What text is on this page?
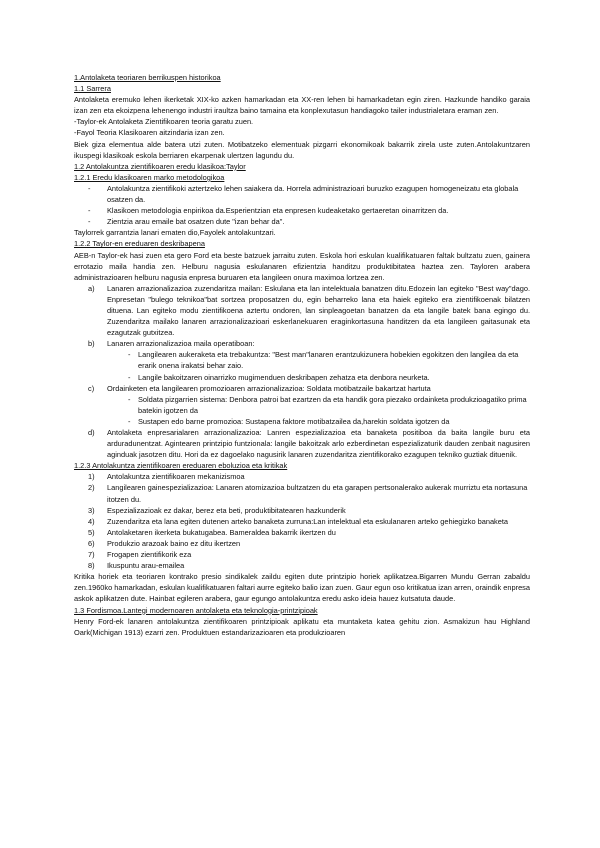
1.Antolaketa teoriaren berrikuspen historikoa
1.1 Sarrera

Antolaketa eremuko lehen ikerketak XIX-ko azken hamarkadan eta XX-ren lehen bi hamarkadetan egin ziren. Hazkunde handiko garaia izan zen eta ekoizpena lehenengo industri iraultza baino tamaina eta konplexutasun handiagoko tailer industrialetara eraman zen.

-Taylor-ek Antolaketa Zientifikoaren teoria garatu zuen.

-Fayol Teoria Klasikoaren aitzindaria izan zen.

Biek giza elementua alde batera utzi zuten. Motibatzeko elementuak pizgarri ekonomikoak bakarrik zirela uste zuten.Antolakuntzaren ikuspegi klasikoak eskola berriaren ekarpenak ulertzen lagundu du.

1.2 Antolakuntza zientifikoaren eredu klasikoa:Taylor
1.2.1 Eredu klasikoaren marko metodologikoa
- Antolakuntza zientifikoki aztertzeko lehen saiakera da. Horrela administrazioari buruzko ezagupen homogeneizatu eta globala osatzen da.
- Klasikoen metodologia enpirikoa da.Esperientzian eta enpresen kudeaketako gertaeretan oinarritzen da.
- Zientzia arau emaile bat osatzen dute "izan behar da".

Taylorrek garrantzia lanari ematen dio,Fayolek antolakuntzari.

1.2.2 Taylor-en ereduaren deskribapena

AEB-n Taylor-ek hasi zuen eta gero Ford eta beste batzuek jarraitu zuten. Eskola hori eskulan kualifikatuaren faltak bultzatu zuen, gainera errotazio maila handia zen. Helburu nagusia eskulanaren efizientzia handitzu produktibitatea haztea zen. Tayloren arabera administrazioaren helburu nagusia enpresa buruaren eta langileen onura maximoa lortzea zen.

a) Lanaren arrazionalizazioa zuzendaritza mailan: Eskulana eta lan intelektuala banatzen ditu.Edozein lan egiteko "Best way"dago. Enpresetan "bulego teknikoa"bat sortzea proposatzen du, egin beharreko lana eta haiek egiteko era zientifikoenak bilatzen dituena. Lan egiteko modu zientifikoena aztertu ondoren, lan sinpleagoetan banatzen da eta langile batek bana egingo du. Zuzendaritza mailako lanaren arrazionalizazioari eskerlanekuaren eraginkortasuna handitzen da eta langileen gaitasunak eta ezagutzak gutxitzea.
b) Lanaren arrazionalizazioa maila operatiboan:
- Langilearen aukeraketa eta trebakuntza: "Best man"lanaren erantzukizunera hobekien egokitzen den langilea da eta erarik onena irakatsi behar zaio.
- Langile bakoitzaren oinarrizko mugimenduen deskribapen zehatza eta denbora neurketa.
c) Ordainketen eta langilearen promozioaren arrazionalizazioa: Soldata motibatzaile bakartzat hartuta
- Soldata pizgarrien sistema: Denbora patroi bat ezartzen da eta handik gora piezako ordainketa produkzioagatiko prima batekin igotzen da
- Sustapen edo barne promozioa: Sustapena faktore motibatzailea da,harekin soldata igotzen da
d) Antolaketa enpresarialaren arrazionalizazioa: Lanren espezializazioa eta banaketa positiboa da baita langile buru eta arduradunentzat. Agintearen printzipio funtzionala: langile bakoitzak arlo ezberdinetan espezializaturik dauden zenbait nagusiren aginduak jasotzen ditu. Hori da ez dagoelako nagusirik lanaren zuzendaritza zientifikorako ezagupen tekniko guztiak dituenik.
1.2.3 Antolakuntza zientifikoaren ereduaren eboluzioa eta kritikak
1) Antolakuntza zientifikoaren mekanizismoa
2) Langilearen gainespezializazioa: Lanaren atomizazioa bultzatzen du eta garapen pertsonalerako aukerak murriztu eta nortasuna itotzen du.
3) Espezializazioak ez dakar, berez eta beti, produktibitatearen hazkunderik
4) Zuzendaritza eta lana egiten dutenen arteko banaketa zurruna:Lan intelektual eta eskulanaren arteko gehiegizko banaketa
5) Antolaketaren ikerketa bukatugabea. Bameraldea bakarrik ikertzen du
6) Produkzio arazoak baino ez ditu ikertzen
7) Frogapen zientifikorik eza
8) Ikuspuntu arau-emailea

Kritika horiek eta teoriaren kontrako presio sindikalek zaildu egiten dute printzipio horiek aplikatzea.Bigarren Mundu Gerran zabaldu zen.1960ko hamarkadan, eskulan kualifikatuaren faltari aurre egiteko balio izan zuen. Gaur egun oso kritikatua izan arren, oraindik enpresa askok aplikatzen dute. Hainbat egileren arabera, gaur egungo antolakuntza eredu asko ideia hauez kutsatuta daude.

1.3 Fordismoa.Lantegi modernoaren antolaketa eta teknologia-printzipioak

Henry Ford-ek lanaren antolakuntza zientifikoaren printzipioak aplikatu eta muntaketa katea gehitu zion. Asmakizun hau Highland Oark(Michigan 1913) ezarri zen. Produktuen estandarizazioaren eta produkzioaren
